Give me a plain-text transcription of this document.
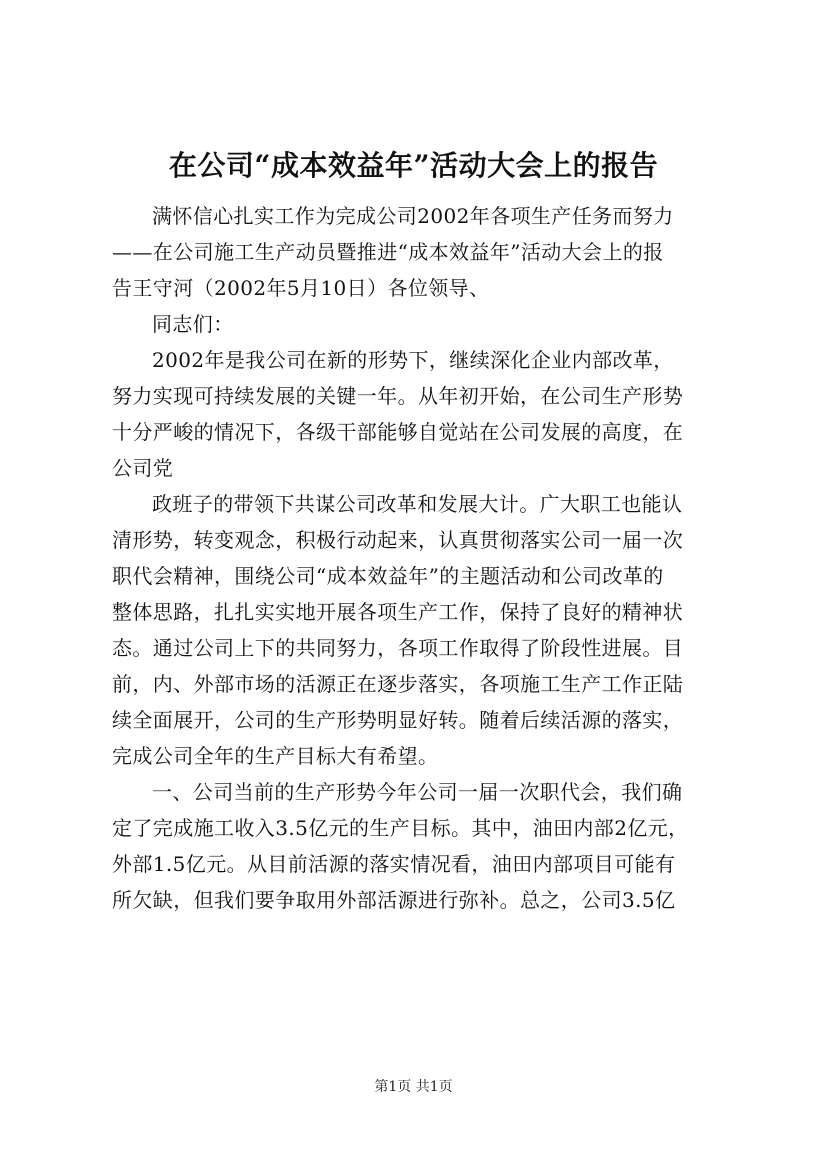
在公司“成本效益年”活动大会上的报告
满怀信心扎实工作为完成公司2002年各项生产任务而努力
——在公司施工生产动员暨推进“成本效益年”活动大会上的报
告王守河（2002年5月10日）各位领导、
同志们：
2002年是我公司在新的形势下，继续深化企业内部改革，
努力实现可持续发展的关键一年。从年初开始，在公司生产形势
十分严峻的情况下，各级干部能够自觉站在公司发展的高度，在
公司党
政班子的带领下共谋公司改革和发展大计。广大职工也能认
清形势，转变观念，积极行动起来，认真贯彻落实公司一届一次
职代会精神，围绕公司“成本效益年”的主题活动和公司改革的
整体思路，扎扎实实地开展各项生产工作，保持了良好的精神状
态。通过公司上下的共同努力，各项工作取得了阶段性进展。目
前，内、外部市场的活源正在逐步落实，各项施工生产工作正陆
续全面展开，公司的生产形势明显好转。随着后续活源的落实，
完成公司全年的生产目标大有希望。
一、公司当前的生产形势今年公司一届一次职代会，我们确
定了完成施工收入3.5亿元的生产目标。其中，油田内部2亿元，
外部1.5亿元。从目前活源的落实情况看，油田内部项目可能有
所欠缺，但我们要争取用外部活源进行弥补。总之，公司3.5亿
第1页 共1页
